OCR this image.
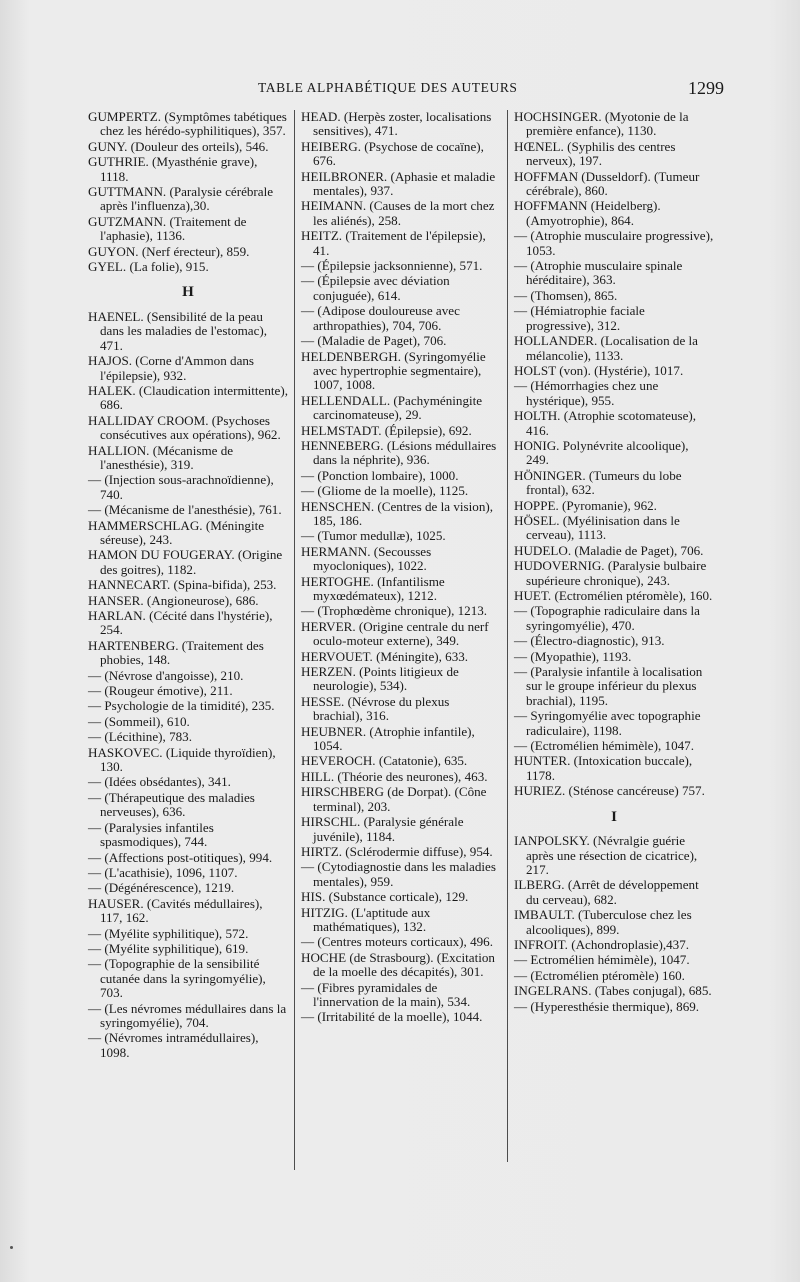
TABLE ALPHABÉTIQUE DES AUTEURS	1299
GUMPERTZ. (Symptômes tabétiques chez les hérédo-syphilitiques), 357.
GUNY. (Douleur des orteils), 546.
GUTHRIE. (Myasthénie grave), 1118.
GUTTMANN. (Paralysie cérébrale après l'influenza),30.
GUTZMANN. (Traitement de l'aphasie), 1136.
GUYON. (Nerf érecteur), 859.
GYEL. (La folie), 915.
H
HAENEL. (Sensibilité de la peau dans les maladies de l'estomac), 471.
HAJOS. (Corne d'Ammon dans l'épilepsie), 932.
HALEK. (Claudication intermittente), 686.
HALLIDAY CROOM. (Psychoses consécutives aux opérations), 962.
HALLION. (Mécanisme de l'anesthésie), 319.
— (Injection sous-arachnoïdienne), 740.
— (Mécanisme de l'anesthésie), 761.
HAMMERSCHLAG. (Méningite séreuse), 243.
HAMON DU FOUGERAY. (Origine des goitres), 1182.
HANNECART. (Spina-bifida), 253.
HANSER. (Angioneurose), 686.
HARLAN. (Cécité dans l'hystérie), 254.
HARTENBERG. (Traitement des phobies, 148.
— (Névrose d'angoisse), 210.
— (Rougeur émotive), 211.
— Psychologie de la timidité), 235.
— (Sommeil), 610.
— (Lécithine), 783.
HASKOVEC. (Liquide thyroïdien), 130.
— (Idées obsédantes), 341.
— (Thérapeutique des maladies nerveuses), 636.
— (Paralysies infantiles spasmodiques), 744.
— (Affections post-otitiques), 994.
— (L'acathisie), 1096, 1107.
— (Dégénérescence), 1219.
HAUSER. (Cavités médullaires), 117, 162.
— (Myélite syphilitique), 572.
— (Myélite syphilitique), 619.
— (Topographie de la sensibilité cutanée dans la syringomyélie), 703.
— (Les névromes médullaires dans la syringomyélie), 704.
— (Névromes intramédullaires), 1098.
HEAD. (Herpès zoster, localisations sensitives), 471.
HEIBERG. (Psychose de cocaïne), 676.
HEILBRONER. (Aphasie et maladie mentales), 937.
HEIMANN. (Causes de la mort chez les aliénés), 258.
HEITZ. (Traitement de l'épilepsie), 41.
— (Épilepsie jacksonnienne), 571.
— (Épilepsie avec déviation conjuguée), 614.
— (Adipose douloureuse avec arthropathies), 704, 706.
— (Maladie de Paget), 706.
HELDENBERGH. (Syringomyélie avec hypertrophie segmentaire), 1007, 1008.
HELLENDALL. (Pachyméningite carcinomateuse), 29.
HELMSTADT. (Épilepsie), 692.
HENNEBERG. (Lésions médullaires dans la néphrite), 936.
— (Ponction lombaire), 1000.
— (Gliome de la moelle), 1125.
HENSCHEN. (Centres de la vision), 185, 186.
— (Tumor medullæ), 1025.
HERMANN. (Secousses myocloniques), 1022.
HERTOGHE. (Infantilisme myxœdémateux), 1212.
— (Trophœdème chronique), 1213.
HERVER. (Origine centrale du nerf oculo-moteur externe), 349.
HERVOUET. (Méningite), 633.
HERZEN. (Points litigieux de neurologie), 534).
HESSE. (Névrose du plexus brachial), 316.
HEUBNER. (Atrophie infantile), 1054.
HEVEROCH. (Catatonie), 635.
HILL. (Théorie des neurones), 463.
HIRSCHBERG (de Dorpat). (Cône terminal), 203.
HIRSCHL. (Paralysie générale juvénile), 1184.
HIRTZ. (Sclérodermie diffuse), 954.
— (Cytodiagnostie dans les maladies mentales), 959.
HIS. (Substance corticale), 129.
HITZIG. (L'aptitude aux mathématiques), 132.
— (Centres moteurs corticaux), 496.
HOCHE (de Strasbourg). (Excitation de la moelle des décapités), 301.
— (Fibres pyramidales de l'innervation de la main), 534.
— (Irritabilité de la moelle), 1044.
HOCHSINGER. (Myotonie de la première enfance), 1130.
HŒNEL. (Syphilis des centres nerveux), 197.
HOFFMAN (Dusseldorf). (Tumeur cérébrale), 860.
HOFFMANN (Heidelberg). (Amyotrophie), 864.
— (Atrophie musculaire progressive), 1053.
— (Atrophie musculaire spinale héréditaire), 363.
— (Thomsen), 865.
— (Hémiatrophie faciale progressive), 312.
HOLLANDER. (Localisation de la mélancolie), 1133.
HOLST (von). (Hystérie), 1017.
— (Hémorrhagies chez une hystérique), 955.
HOLTH. (Atrophie scotomateuse), 416.
HONIG. Polynévrite alcoolique), 249.
HÖNINGER. (Tumeurs du lobe frontal), 632.
HOPPE. (Pyromanie), 962.
HÖSEL. (Myélinisation dans le cerveau), 1113.
HUDELO. (Maladie de Paget), 706.
HUDOVERNIG. (Paralysie bulbaire supérieure chronique), 243.
HUET. (Ectromélien ptéromèle), 160.
— (Topographie radiculaire dans la syringomyélie), 470.
— (Électro-diagnostic), 913.
— (Myopathie), 1193.
— (Paralysie infantile à localisation sur le groupe inférieur du plexus brachial), 1195.
— Syringomyélie avec topographie radiculaire), 1198.
— (Ectromélien hémimèle), 1047.
HUNTER. (Intoxication buccale), 1178.
HURIEZ. (Sténose cancéreuse) 757.
I
IANPOLSKY. (Névralgie guérie après une résection de cicatrice), 217.
ILBERG. (Arrêt de développement du cerveau), 682.
IMBAULT. (Tuberculose chez les alcooliques), 899.
INFROIT. (Achondroplasie),437.
— Ectromélien hémimèle), 1047.
— (Ectromélien ptéromèle) 160.
INGELRANS. (Tabes conjugal), 685.
— (Hyperesthésie thermique), 869.
